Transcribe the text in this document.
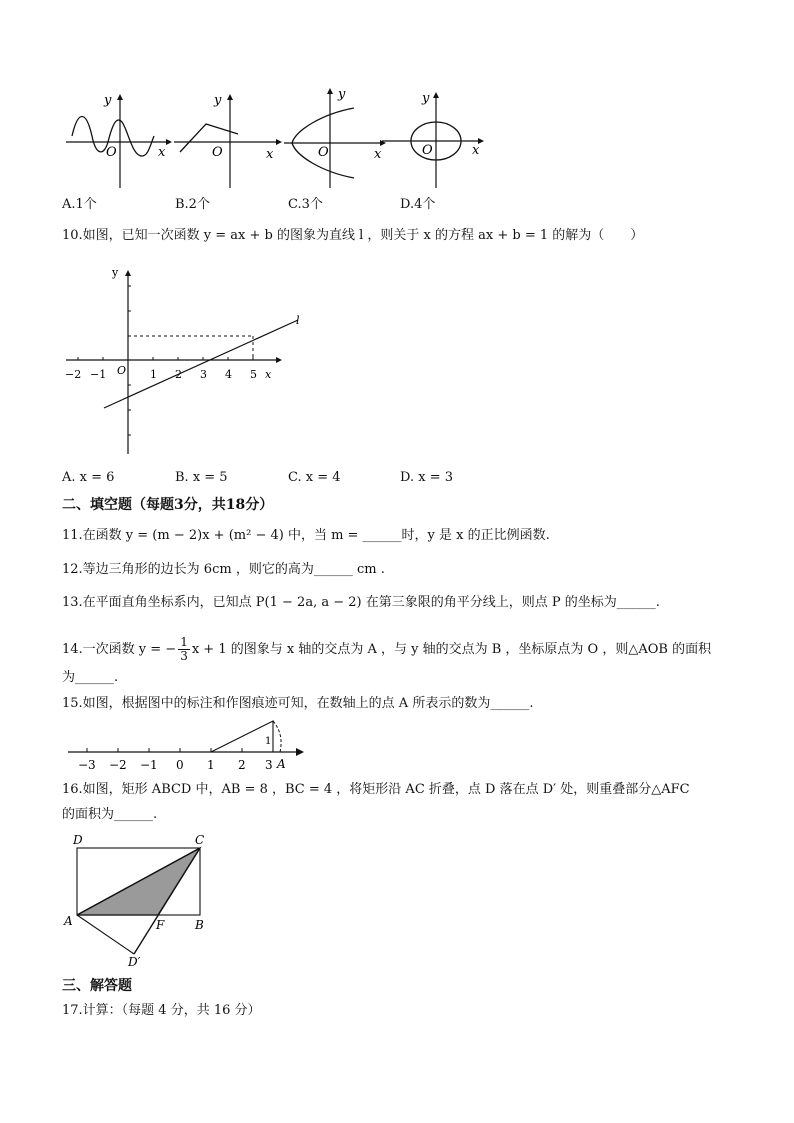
y
x
O
y
x
O
y
x
O
y
x
O
A.1个	B.2个	C.3个	D.4个
10.如图，已知一次函数 y = ax + b 的图象为直线 l ，则关于 x 的方程 ax + b = 1 的解为（　　）
−2 −1 O 1 2 3 4 5 x
y
l
A. x = 6	B. x = 5	C. x = 4	D. x = 3
二、填空题（每题3分，共18分）
11.在函数 y = (m − 2)x + (m² − 4) 中，当 m = ______时，y 是 x 的正比例函数.
12.等边三角形的边长为 6cm ，则它的高为______ cm .
13.在平面直角坐标系内，已知点 P(1 − 2a, a − 2) 在第三象限的角平分线上，则点 P 的坐标为______.
14.一次函数 y = − $\frac{1}{3}$ x + 1 的图象与 x 轴的交点为 A ，与 y 轴的交点为 B ，坐标原点为 O ，则△AOB 的面积
为______.
15.如图，根据图中的标注和作图痕迹可知，在数轴上的点 A 所表示的数为______.
−3 −2 −1 0 1 2 3
1
A
16.如图，矩形 ABCD 中，AB = 8 ，BC = 4 ，将矩形沿 AC 折叠，点 D 落在点 D′ 处，则重叠部分△AFC
的面积为______.
D	C
A	F	B
D′
三、解答题
17.计算：（每题 4 分，共 16 分）
